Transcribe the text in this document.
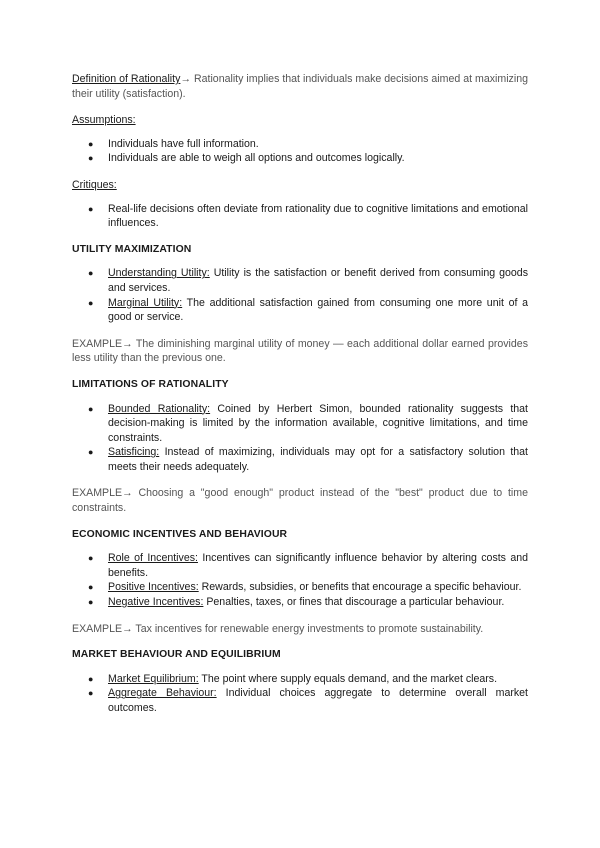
Definition of Rationality→ Rationality implies that individuals make decisions aimed at maximizing their utility (satisfaction).

Assumptions:

● Individuals have full information.
● Individuals are able to weigh all options and outcomes logically.

Critiques:

● Real-life decisions often deviate from rationality due to cognitive limitations and emotional influences.

UTILITY MAXIMIZATION

● Understanding Utility: Utility is the satisfaction or benefit derived from consuming goods and services.
● Marginal Utility: The additional satisfaction gained from consuming one more unit of a good or service.

EXAMPLE→ The diminishing marginal utility of money — each additional dollar earned provides less utility than the previous one.

LIMITATIONS OF RATIONALITY

● Bounded Rationality: Coined by Herbert Simon, bounded rationality suggests that decision-making is limited by the information available, cognitive limitations, and time constraints.
● Satisficing: Instead of maximizing, individuals may opt for a satisfactory solution that meets their needs adequately.

EXAMPLE→ Choosing a "good enough" product instead of the "best" product due to time constraints.

ECONOMIC INCENTIVES AND BEHAVIOUR

● Role of Incentives: Incentives can significantly influence behavior by altering costs and benefits.
● Positive Incentives: Rewards, subsidies, or benefits that encourage a specific behaviour.
● Negative Incentives: Penalties, taxes, or fines that discourage a particular behaviour.

EXAMPLE→ Tax incentives for renewable energy investments to promote sustainability.

MARKET BEHAVIOUR AND EQUILIBRIUM

● Market Equilibrium: The point where supply equals demand, and the market clears.
● Aggregate Behaviour: Individual choices aggregate to determine overall market outcomes.
